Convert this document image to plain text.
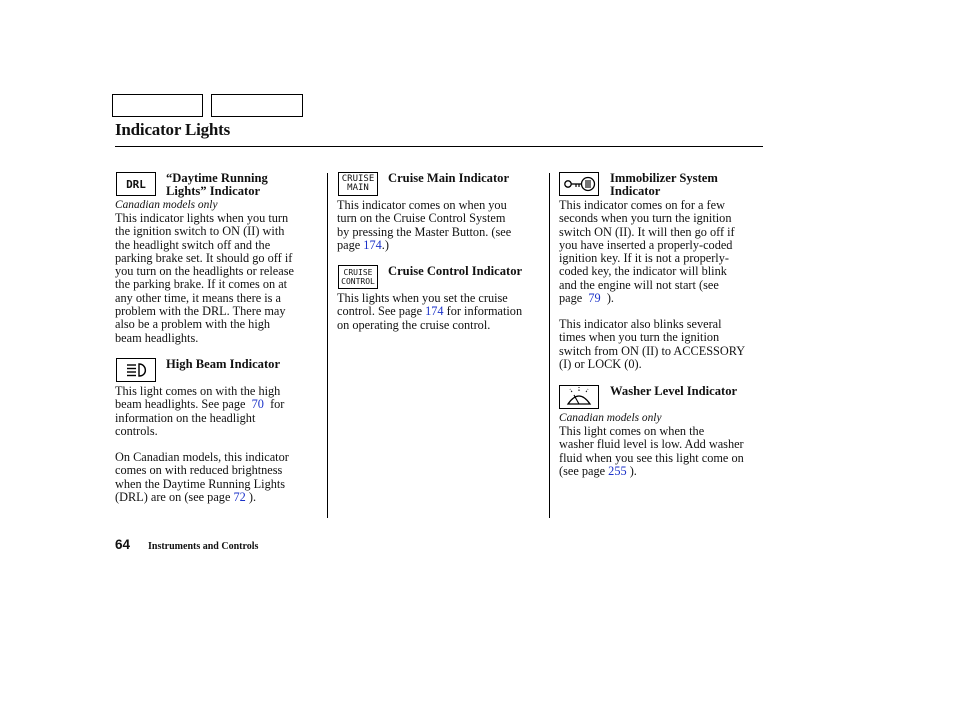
Indicator Lights
DRL “Daytime Running
Lights” Indicator
Canadian models only
This indicator lights when you turn
the ignition switch to ON (II) with
the headlight switch off and the
parking brake set. It should go off if
you turn on the headlights or release
the parking brake. If it comes on at
any other time, it means there is a
problem with the DRL. There may
also be a problem with the high
beam headlights.
High Beam Indicator
This light comes on with the high
beam headlights. See page 70 for
information on the headlight
controls.
On Canadian models, this indicator
comes on with reduced brightness
when the Daytime Running Lights
(DRL) are on (see page 72 ).
CRUISE
MAIN
Cruise Main Indicator
This indicator comes on when you
turn on the Cruise Control System
by pressing the Master Button. (see
page 174.)
CRUISE
CONTROL
Cruise Control Indicator
This lights when you set the cruise
control. See page 174 for information
on operating the cruise control.
Immobilizer System
Indicator
This indicator comes on for a few
seconds when you turn the ignition
switch ON (II). It will then go off if
you have inserted a properly-coded
ignition key. If it is not a properly-
coded key, the indicator will blink
and the engine will not start (see
page 79 ).
This indicator also blinks several
times when you turn the ignition
switch from ON (II) to ACCESSORY
(I) or LOCK (0).
Washer Level Indicator
Canadian models only
This light comes on when the
washer fluid level is low. Add washer
fluid when you see this light come on
(see page 255 ).
64 Instruments and Controls
